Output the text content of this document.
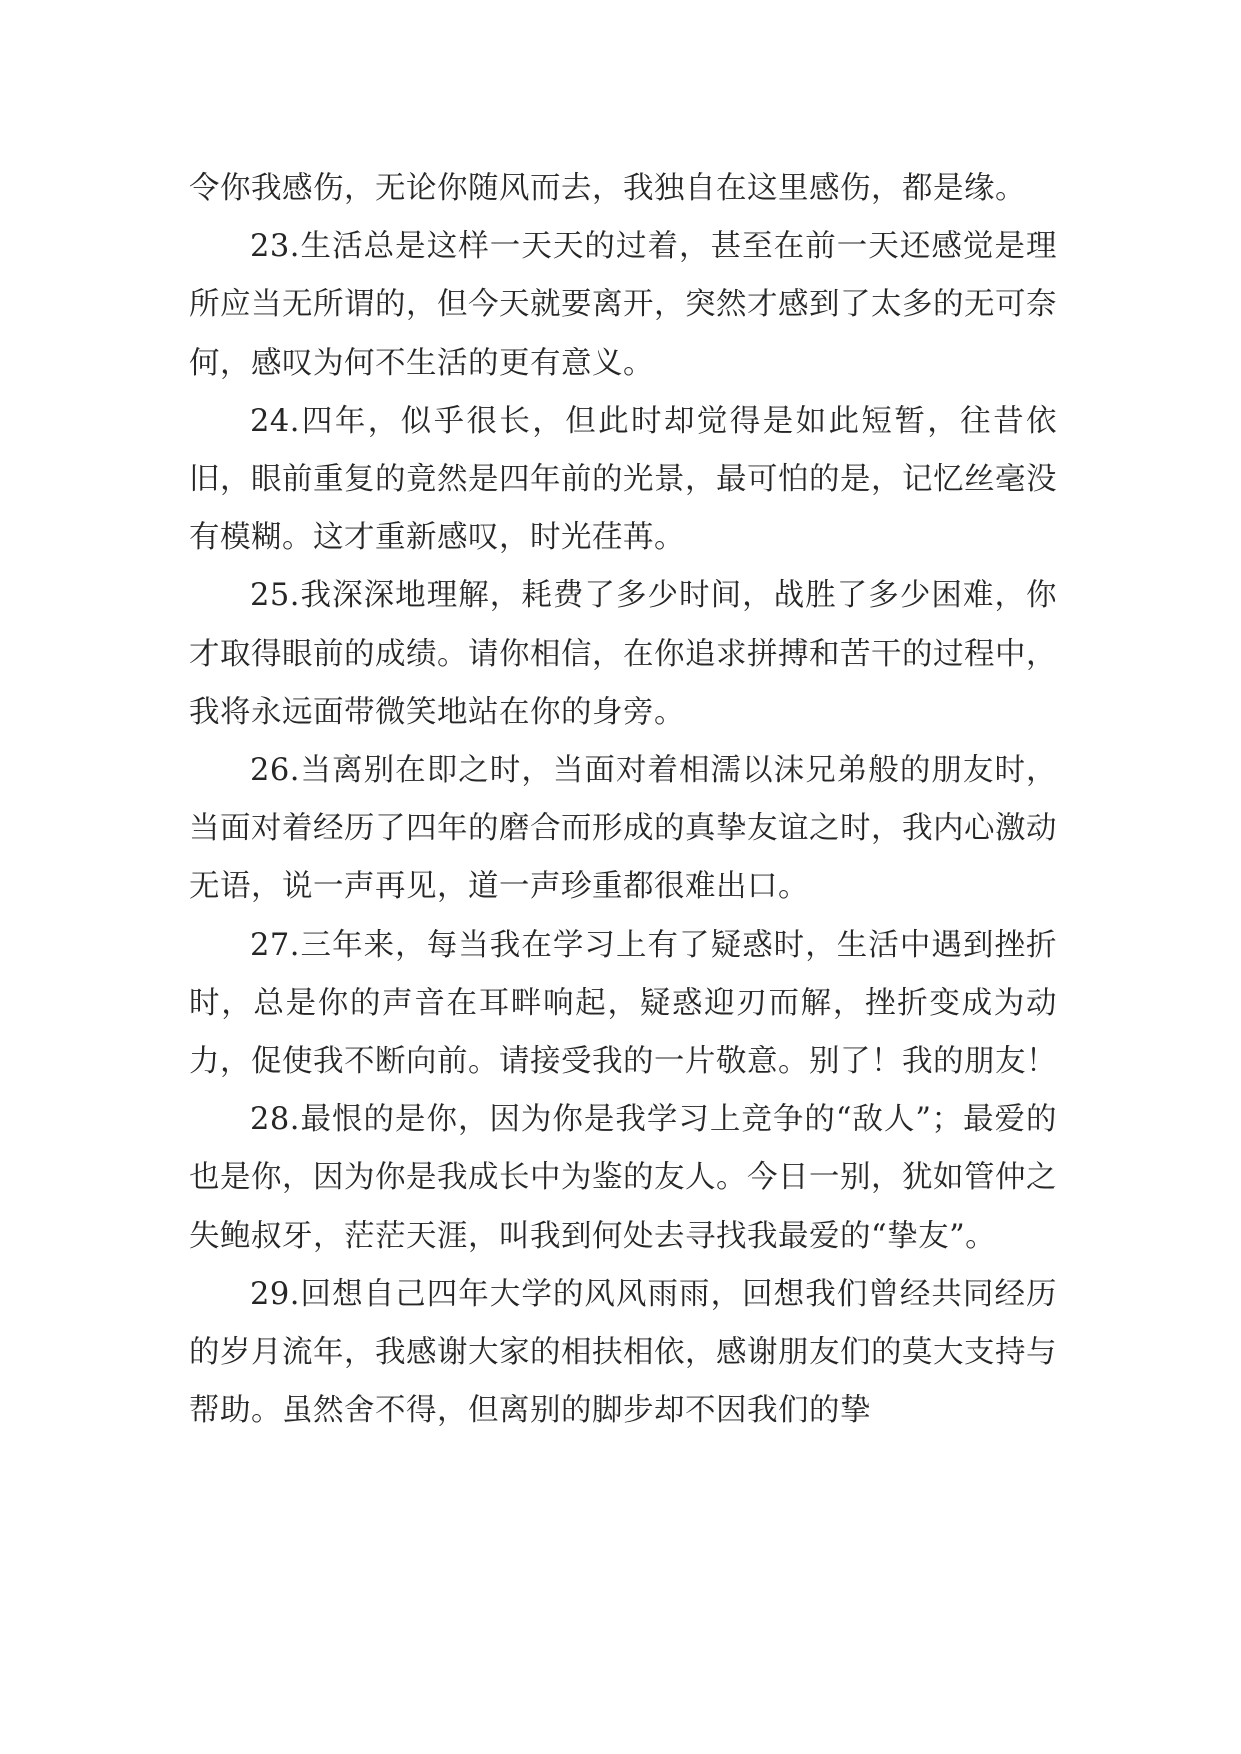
令你我感伤，无论你随风而去，我独自在这里感伤，都是缘。

23.生活总是这样一天天的过着，甚至在前一天还感觉是理所应当无所谓的，但今天就要离开，突然才感到了太多的无可奈何，感叹为何不生活的更有意义。

24.四年，似乎很长，但此时却觉得是如此短暂，往昔依旧，眼前重复的竟然是四年前的光景，最可怕的是，记忆丝毫没有模糊。这才重新感叹，时光荏苒。

25.我深深地理解，耗费了多少时间，战胜了多少困难，你才取得眼前的成绩。请你相信，在你追求拼搏和苦干的过程中，我将永远面带微笑地站在你的身旁。

26.当离别在即之时，当面对着相濡以沫兄弟般的朋友时，当面对着经历了四年的磨合而形成的真挚友谊之时，我内心激动无语，说一声再见，道一声珍重都很难出口。

27.三年来，每当我在学习上有了疑惑时，生活中遇到挫折时，总是你的声音在耳畔响起，疑惑迎刃而解，挫折变成为动力，促使我不断向前。请接受我的一片敬意。别了！我的朋友！

28.最恨的是你，因为你是我学习上竞争的“敌人”；最爱的也是你，因为你是我成长中为鉴的友人。今日一别，犹如管仲之失鲍叔牙，茫茫天涯，叫我到何处去寻找我最爱的“挚友”。

29.回想自己四年大学的风风雨雨，回想我们曾经共同经历的岁月流年，我感谢大家的相扶相依，感谢朋友们的莫大支持与帮助。虽然舍不得，但离别的脚步却不因我们的挚
